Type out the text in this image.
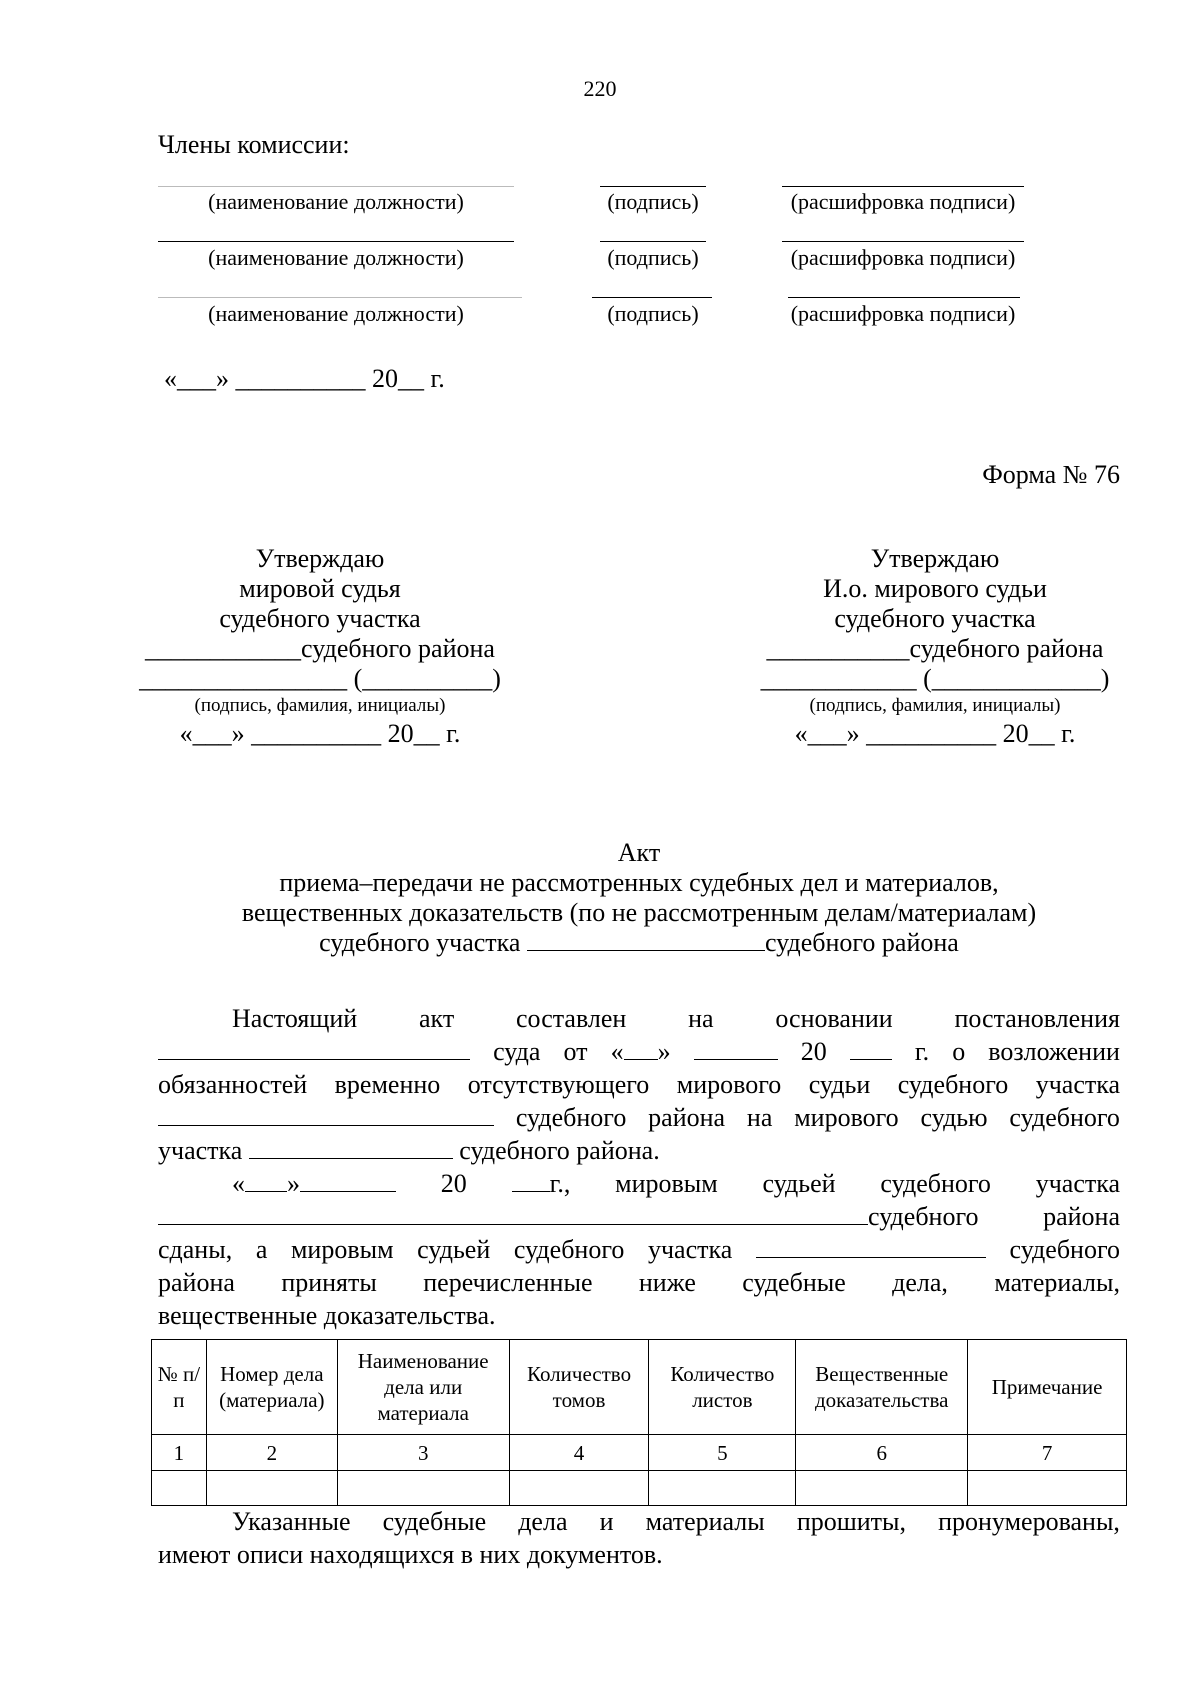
220
Члены комиссии:
(наименование должности)	(подпись)	(расшифровка подписи)
(наименование должности)	(подпись)	(расшифровка подписи)
(наименование должности)	(подпись)	(расшифровка подписи)
«___» __________ 20__ г.
Форма № 76
Утверждаю
мировой судья
судебного участка
____________судебного района
________________ (__________)
(подпись, фамилия, инициалы)
«___» __________ 20__ г.
Утверждаю
И.о. мирового судьи
судебного участка
___________судебного района
____________ (_____________)
(подпись, фамилия, инициалы)
«___» __________ 20__ г.
Акт
приема–передачи не рассмотренных судебных дел и материалов,
вещественных доказательств (по не рассмотренным делам/материалам)
судебного участка	судебного района
Настоящий акт составлен на основании постановления
суда от « »	20	г. о возложении
обязанностей временно отсутствующего мирового судьи судебного участка
судебного района на мирового судью судебного
участка	судебного района.
« »	20	г., мировым судьей судебного участка
судебного района
сданы, а мировым судьей судебного участка	судебного
района приняты перечисленные ниже судебные дела, материалы,
вещественные доказательства.
№ п/п	Номер дела (материала)	Наименование дела или материала	Количество томов	Количество листов	Вещественные доказательства	Примечание
1	2	3	4	5	6	7

Указанные судебные дела и материалы прошиты, пронумерованы,
имеют описи находящихся в них документов.
